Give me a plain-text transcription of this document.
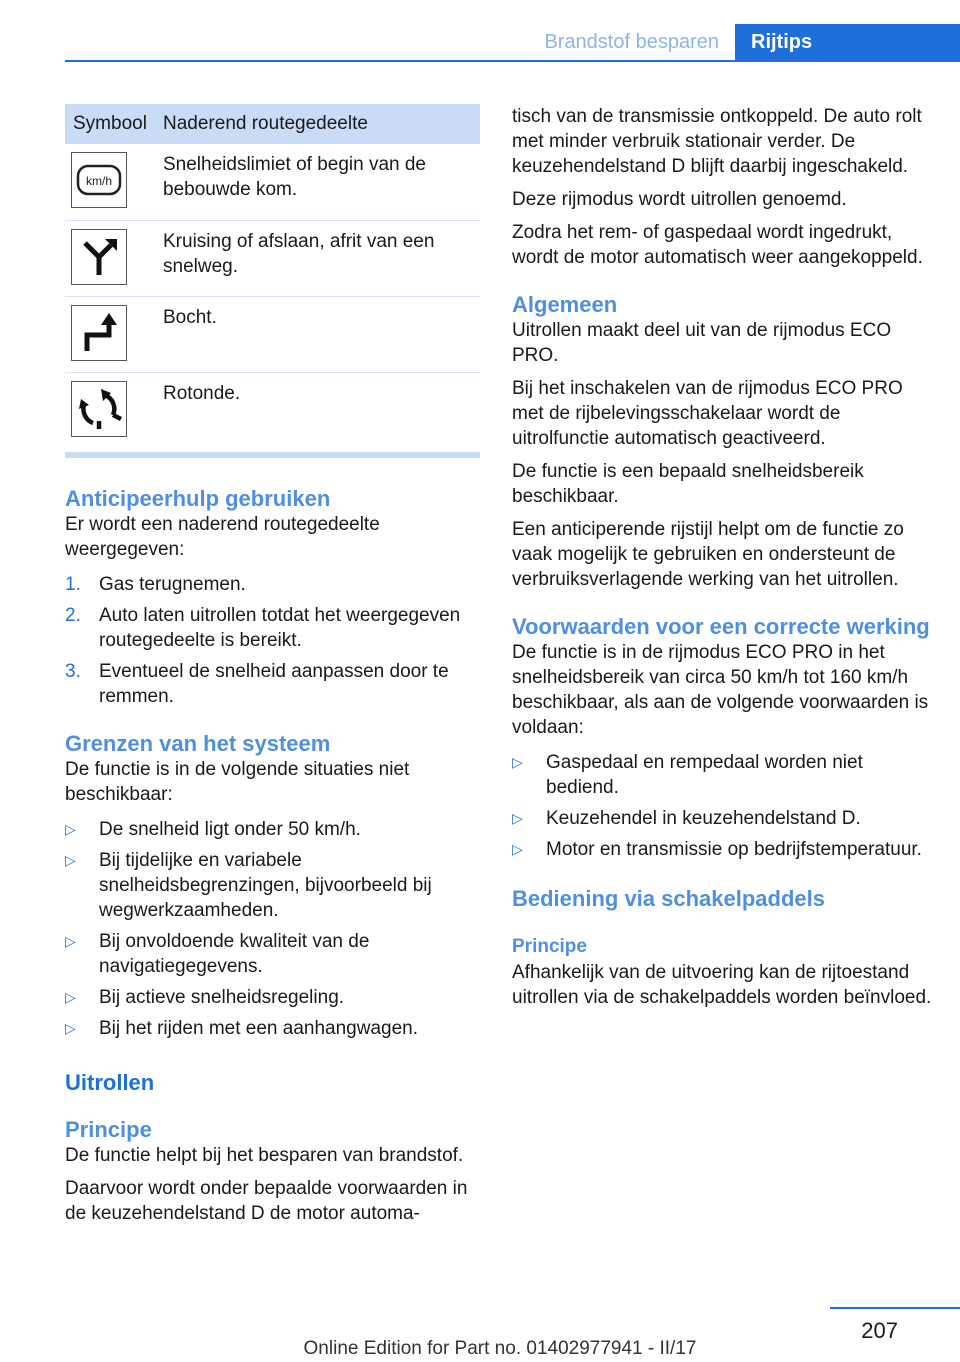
Brandstof besparen	Rijtips
Symbool	Naderend routegedeelte

km/h	Snelheidslimiet of begin van de bebouwde kom.

	Kruising of afslaan, afrit van een snelweg.

	Bocht.

	Rotonde.
Anticipeerhulp gebruiken

Er wordt een naderend routegedeelte weergegeven:

1. Gas terugnemen.
2. Auto laten uitrollen totdat het weergegeven routegedeelte is bereikt.
3. Eventueel de snelheid aanpassen door te remmen.
Grenzen van het systeem

De functie is in de volgende situaties niet beschikbaar:

▷ De snelheid ligt onder 50 km/h.
▷ Bij tijdelijke en variabele snelheidsbegrenzingen, bijvoorbeeld bij wegwerkzaamheden.
▷ Bij onvoldoende kwaliteit van de navigatiegegevens.
▷ Bij actieve snelheidsregeling.
▷ Bij het rijden met een aanhangwagen.
Uitrollen
Principe

De functie helpt bij het besparen van brandstof.

Daarvoor wordt onder bepaalde voorwaarden in de keuzehendelstand D de motor automa-

tisch van de transmissie ontkoppeld. De auto rolt met minder verbruik stationair verder. De keuzehendelstand D blijft daarbij ingeschakeld.

Deze rijmodus wordt uitrollen genoemd.

Zodra het rem- of gaspedaal wordt ingedrukt, wordt de motor automatisch weer aangekoppeld.

Algemeen

Uitrollen maakt deel uit van de rijmodus ECO PRO.

Bij het inschakelen van de rijmodus ECO PRO met de rijbelevingsschakelaar wordt de uitrolfunctie automatisch geactiveerd.

De functie is een bepaald snelheidsbereik beschikbaar.

Een anticiperende rijstijl helpt om de functie zo vaak mogelijk te gebruiken en ondersteunt de verbruiksverlagende werking van het uitrollen.

Voorwaarden voor een correcte werking

De functie is in de rijmodus ECO PRO in het snelheidsbereik van circa 50 km/h tot 160 km/h beschikbaar, als aan de volgende voorwaarden is voldaan:

▷ Gaspedaal en rempedaal worden niet bediend.
▷ Keuzehendel in keuzehendelstand D.
▷ Motor en transmissie op bedrijfstemperatuur.
Bediening via schakelpaddels
Principe

Afhankelijk van de uitvoering kan de rijtoestand uitrollen via de schakelpaddels worden beïnvloed.

207
Online Edition for Part no. 01402977941 - II/17
